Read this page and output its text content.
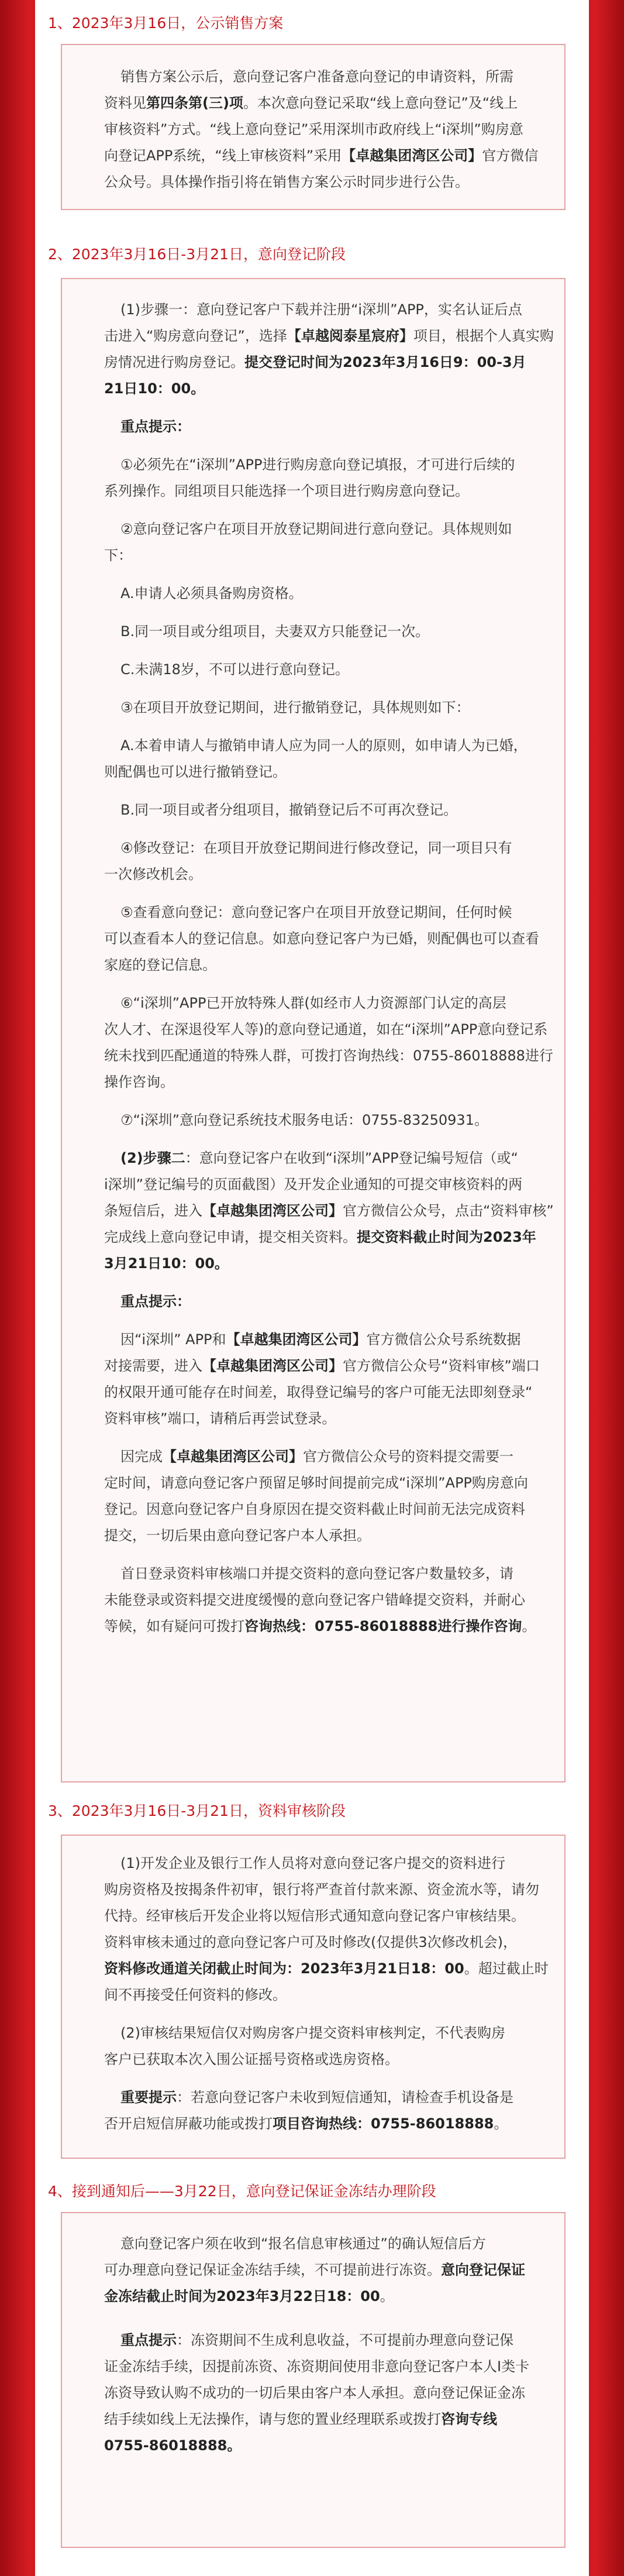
1、2023年3月16日，公示销售方案
销售方案公示后，意向登记客户准备意向登记的申请资料，所需
资料见第四条第(三)项。本次意向登记采取“线上意向登记”及“线上
审核资料”方式。“线上意向登记”采用深圳市政府线上“i深圳”购房意
向登记APP系统，“线上审核资料”采用【卓越集团湾区公司】官方微信
公众号。具体操作指引将在销售方案公示时同步进行公告。
2、2023年3月16日-3月21日，意向登记阶段
(1)步骤一：意向登记客户下载并注册“i深圳”APP，实名认证后点
击进入“购房意向登记”，选择【卓越阅泰星宸府】项目，根据个人真实购
房情况进行购房登记。提交登记时间为2023年3月16日9：00-3月
21日10：00。
重点提示：
①必须先在“i深圳”APP进行购房意向登记填报，才可进行后续的
系列操作。同组项目只能选择一个项目进行购房意向登记。
②意向登记客户在项目开放登记期间进行意向登记。具体规则如
下：
A.申请人必须具备购房资格。
B.同一项目或分组项目，夫妻双方只能登记一次。
C.未满18岁，不可以进行意向登记。
③在项目开放登记期间，进行撤销登记，具体规则如下：
A.本着申请人与撤销申请人应为同一人的原则，如申请人为已婚，
则配偶也可以进行撤销登记。
B.同一项目或者分组项目，撤销登记后不可再次登记。
④修改登记：在项目开放登记期间进行修改登记，同一项目只有
一次修改机会。
⑤查看意向登记：意向登记客户在项目开放登记期间，任何时候
可以查看本人的登记信息。如意向登记客户为已婚，则配偶也可以查看
家庭的登记信息。
⑥“i深圳”APP已开放特殊人群(如经市人力资源部门认定的高层
次人才、在深退役军人等)的意向登记通道，如在“i深圳”APP意向登记系
统未找到匹配通道的特殊人群，可拨打咨询热线：0755-86018888进行
操作咨询。
⑦“i深圳”意向登记系统技术服务电话：0755-83250931。
(2)步骤二：意向登记客户在收到“i深圳”APP登记编号短信（或“
i深圳”登记编号的页面截图）及开发企业通知的可提交审核资料的两
条短信后，进入【卓越集团湾区公司】官方微信公众号，点击“资料审核”
完成线上意向登记申请，提交相关资料。提交资料截止时间为2023年
3月21日10：00。
重点提示：
因“i深圳” APP和【卓越集团湾区公司】官方微信公众号系统数据
对接需要，进入【卓越集团湾区公司】官方微信公众号“资料审核”端口
的权限开通可能存在时间差，取得登记编号的客户可能无法即刻登录“
资料审核”端口，请稍后再尝试登录。
因完成【卓越集团湾区公司】官方微信公众号的资料提交需要一
定时间，请意向登记客户预留足够时间提前完成“i深圳”APP购房意向
登记。因意向登记客户自身原因在提交资料截止时间前无法完成资料
提交，一切后果由意向登记客户本人承担。
首日登录资料审核端口并提交资料的意向登记客户数量较多，请
未能登录或资料提交进度缓慢的意向登记客户错峰提交资料，并耐心
等候，如有疑问可拨打咨询热线：0755-86018888进行操作咨询。
3、2023年3月16日-3月21日，资料审核阶段
(1)开发企业及银行工作人员将对意向登记客户提交的资料进行
购房资格及按揭条件初审，银行将严查首付款来源、资金流水等，请勿
代持。经审核后开发企业将以短信形式通知意向登记客户审核结果。
资料审核未通过的意向登记客户可及时修改(仅提供3次修改机会)，
资料修改通道关闭截止时间为：2023年3月21日18：00。超过截止时
间不再接受任何资料的修改。
(2)审核结果短信仅对购房客户提交资料审核判定，不代表购房
客户已获取本次入围公证摇号资格或选房资格。
重要提示：若意向登记客户未收到短信通知，请检查手机设备是
否开启短信屏蔽功能或拨打项目咨询热线：0755-86018888。
4、接到通知后——3月22日，意向登记保证金冻结办理阶段
意向登记客户须在收到“报名信息审核通过”的确认短信后方
可办理意向登记保证金冻结手续，不可提前进行冻资。意向登记保证
金冻结截止时间为2023年3月22日18：00。
重点提示：冻资期间不生成利息收益，不可提前办理意向登记保
证金冻结手续，因提前冻资、冻资期间使用非意向登记客户本人Ⅰ类卡
冻资导致认购不成功的一切后果由客户本人承担。意向登记保证金冻
结手续如线上无法操作，请与您的置业经理联系或拨打咨询专线
0755-86018888。
